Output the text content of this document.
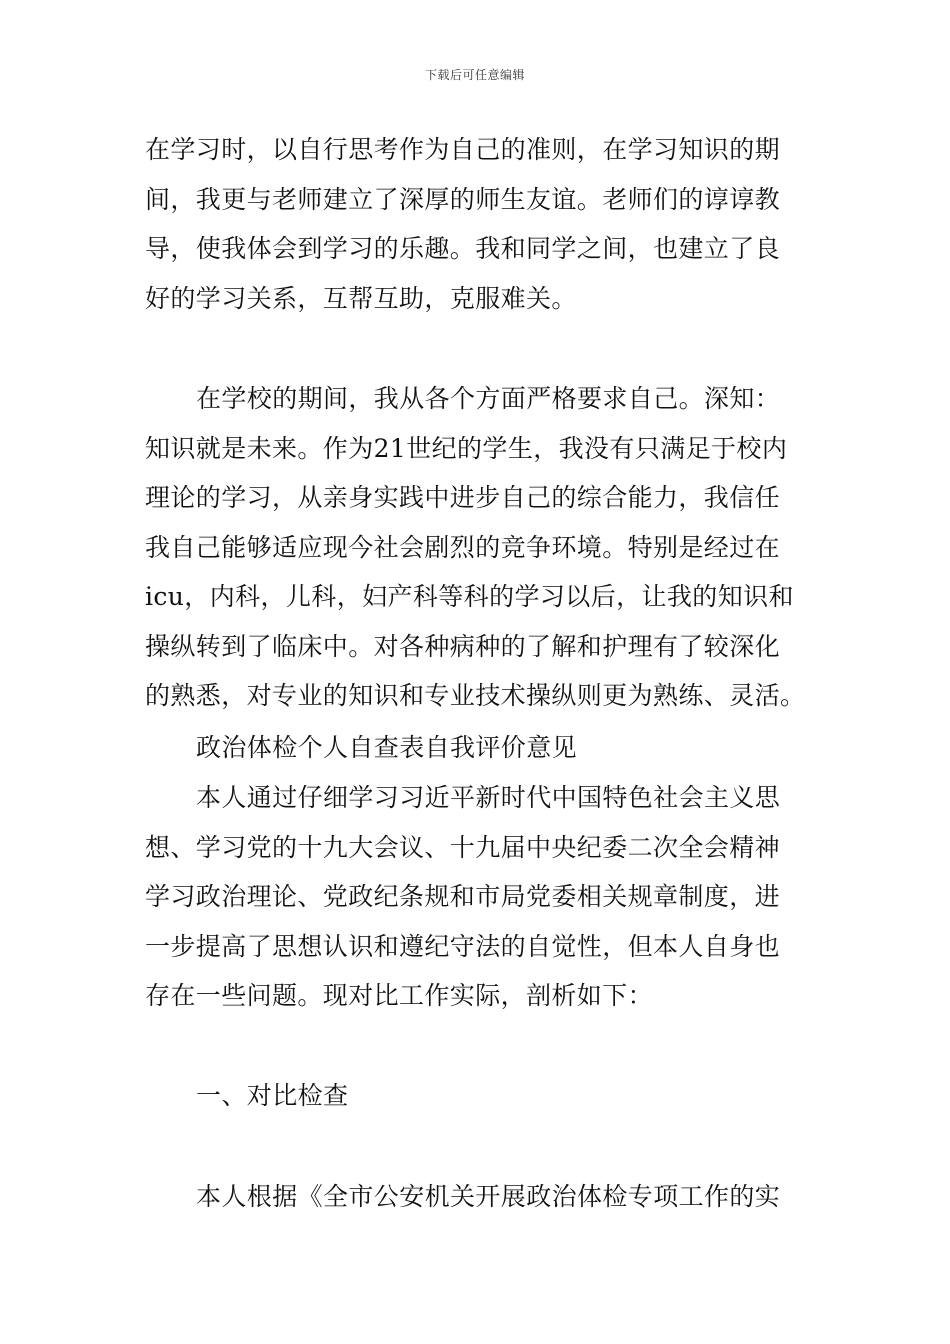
下载后可任意编辑
在学习时，以自行思考作为自己的准则，在学习知识的期
间，我更与老师建立了深厚的师生友谊。老师们的谆谆教
导，使我体会到学习的乐趣。我和同学之间，也建立了良
好的学习关系，互帮互助，克服难关。
在学校的期间，我从各个方面严格要求自己。深知：
知识就是未来。作为21世纪的学生，我没有只满足于校内
理论的学习，从亲身实践中进步自己的综合能力，我信任
我自己能够适应现今社会剧烈的竞争环境。特别是经过在
icu，内科，儿科，妇产科等科的学习以后，让我的知识和
操纵转到了临床中。对各种病种的了解和护理有了较深化
的熟悉，对专业的知识和专业技术操纵则更为熟练、灵活。
政治体检个人自查表自我评价意见
本人通过仔细学习习近平新时代中国特色社会主义思
想、学习党的十九大会议、十九届中央纪委二次全会精神
学习政治理论、党政纪条规和市局党委相关规章制度，进
一步提高了思想认识和遵纪守法的自觉性，但本人自身也
存在一些问题。现对比工作实际，剖析如下：
一、对比检查
本人根据《全市公安机关开展政治体检专项工作的实
